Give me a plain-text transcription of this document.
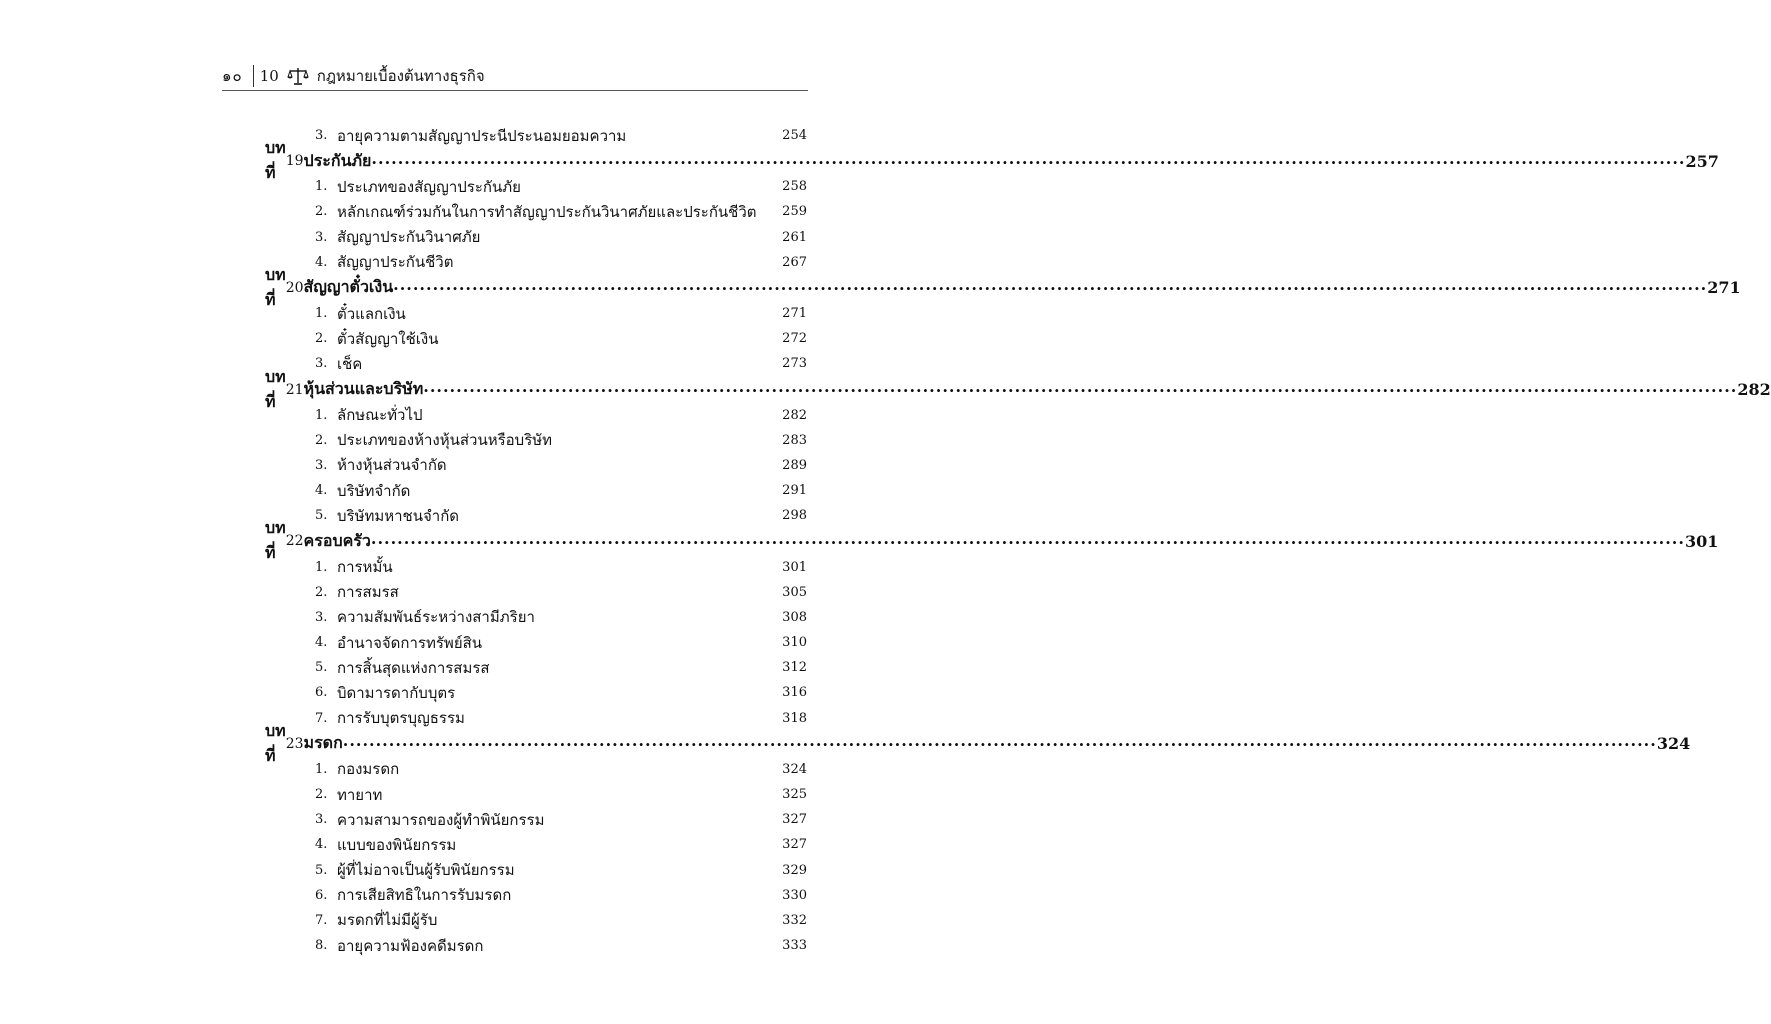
๑๐ 10	กฎหมายเบื้องต้นทางธุรกิจ
3. อายุความตามสัญญาประนีประนอมยอมความ	254
บทที่
19 ประกันภัย ........................................................................................................................................................................................................ 257
1. ประเภทของสัญญาประกันภัย	258
2. หลักเกณฑ์ร่วมกันในการทำสัญญาประกันวินาศภัยและประกันชีวิต	259
3. สัญญาประกันวินาศภัย	261
4. สัญญาประกันชีวิต	267
บทที่
20 สัญญาตั๋วเงิน ........................................................................................................................................................................................................ 271
1. ตั๋วแลกเงิน	271
2. ตั๋วสัญญาใช้เงิน	272
3. เช็ค	273
บทที่
21 หุ้นส่วนและบริษัท ........................................................................................................................................................................................................ 282
1. ลักษณะทั่วไป	282
2. ประเภทของห้างหุ้นส่วนหรือบริษัท	283
3. ห้างหุ้นส่วนจำกัด	289
4. บริษัทจำกัด	291
5. บริษัทมหาชนจำกัด	298
บทที่
22 ครอบครัว ........................................................................................................................................................................................................ 301
1. การหมั้น	301
2. การสมรส	305
3. ความสัมพันธ์ระหว่างสามีภริยา	308
4. อำนาจจัดการทรัพย์สิน	310
5. การสิ้นสุดแห่งการสมรส	312
6. บิดามารดากับบุตร	316
7. การรับบุตรบุญธรรม	318
บทที่
23 มรดก ........................................................................................................................................................................................................ 324
1. กองมรดก	324
2. ทายาท	325
3. ความสามารถของผู้ทำพินัยกรรม	327
4. แบบของพินัยกรรม	327
5. ผู้ที่ไม่อาจเป็นผู้รับพินัยกรรม	329
6. การเสียสิทธิในการรับมรดก	330
7. มรดกที่ไม่มีผู้รับ	332
8. อายุความฟ้องคดีมรดก	333
